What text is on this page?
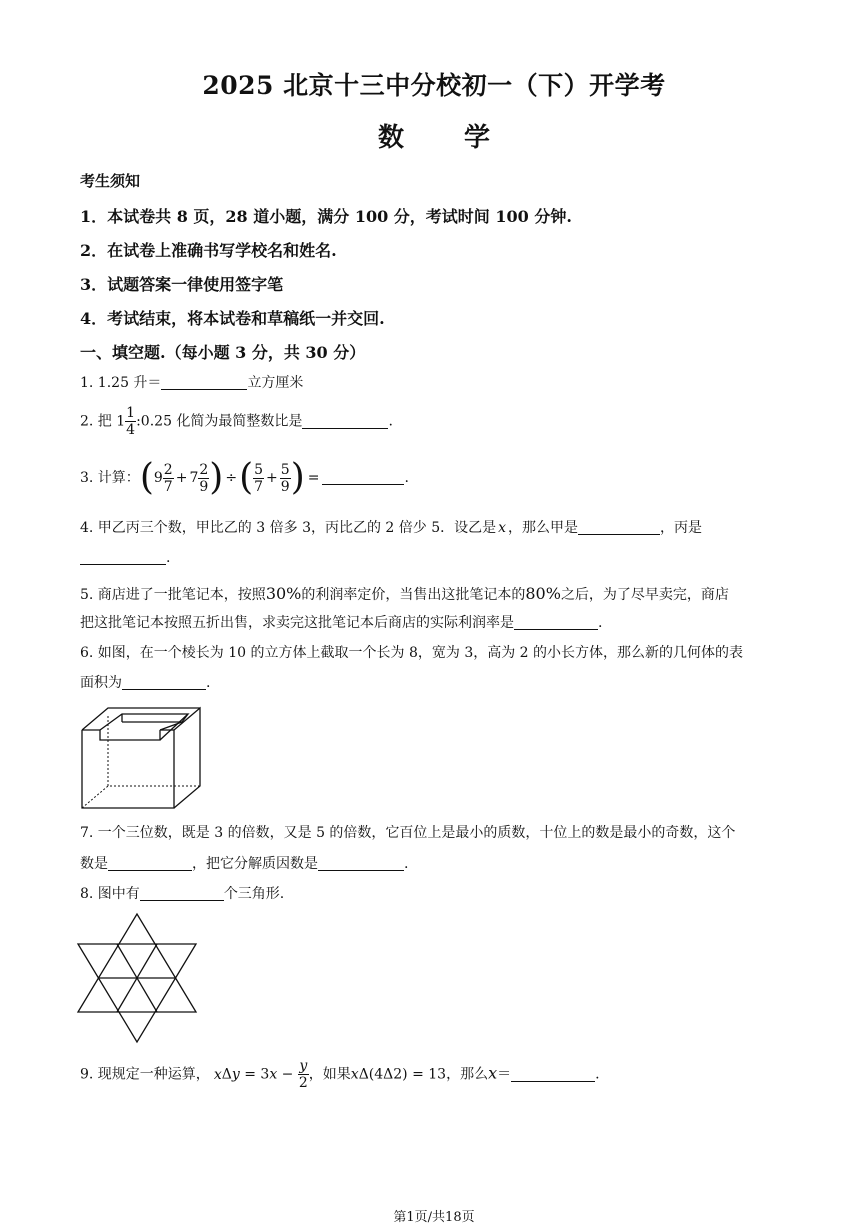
2025 北京十三中分校初一（下）开学考
数 学
考生须知
1．本试卷共 8 页，28 道小题，满分 100 分，考试时间 100 分钟.
2．在试卷上准确书写学校名和姓名.
3．试题答案一律使用签字笔
4．考试结束，将本试卷和草稿纸一并交回.
一、填空题.（每小题 3 分，共 30 分）
1. 1.25 升＝	立方厘米
2. 把 $1 \frac{1}{4}$ :0.25 化简为最简整数比是	.
3. 计算：($9 \frac{2}{7} + 7 \frac{2}{9}$ ) ÷( $\frac{5}{7} + \frac{5}{9}$ ) =	.
4. 甲乙丙三个数，甲比乙的 3 倍多 3，丙比乙的 2 倍少 5．设乙是 x ，那么甲是	，丙是
.
5. 商店进了一批笔记本，按照30%的利润率定价，当售出这批笔记本的80%之后，为了尽早卖完，商店
把这批笔记本按照五折出售，求卖完这批笔记本后商店的实际利润率是	.
6. 如图，在一个棱长为 10 的立方体上截取一个长为 8，宽为 3，高为 2 的小长方体，那么新的几何体的表
面积为	.
7. 一个三位数，既是 3 的倍数，又是 5 的倍数，它百位上是最小的质数，十位上的数是最小的奇数，这个
数是	，把它分解质因数是	.
8. 图中有	个三角形.
9. 现规定一种运算， $x\Delta y = 3x - \frac{y}{2}$ ，如果xΔ(4Δ2) = 13，那么x＝	.
第1页/共18页
